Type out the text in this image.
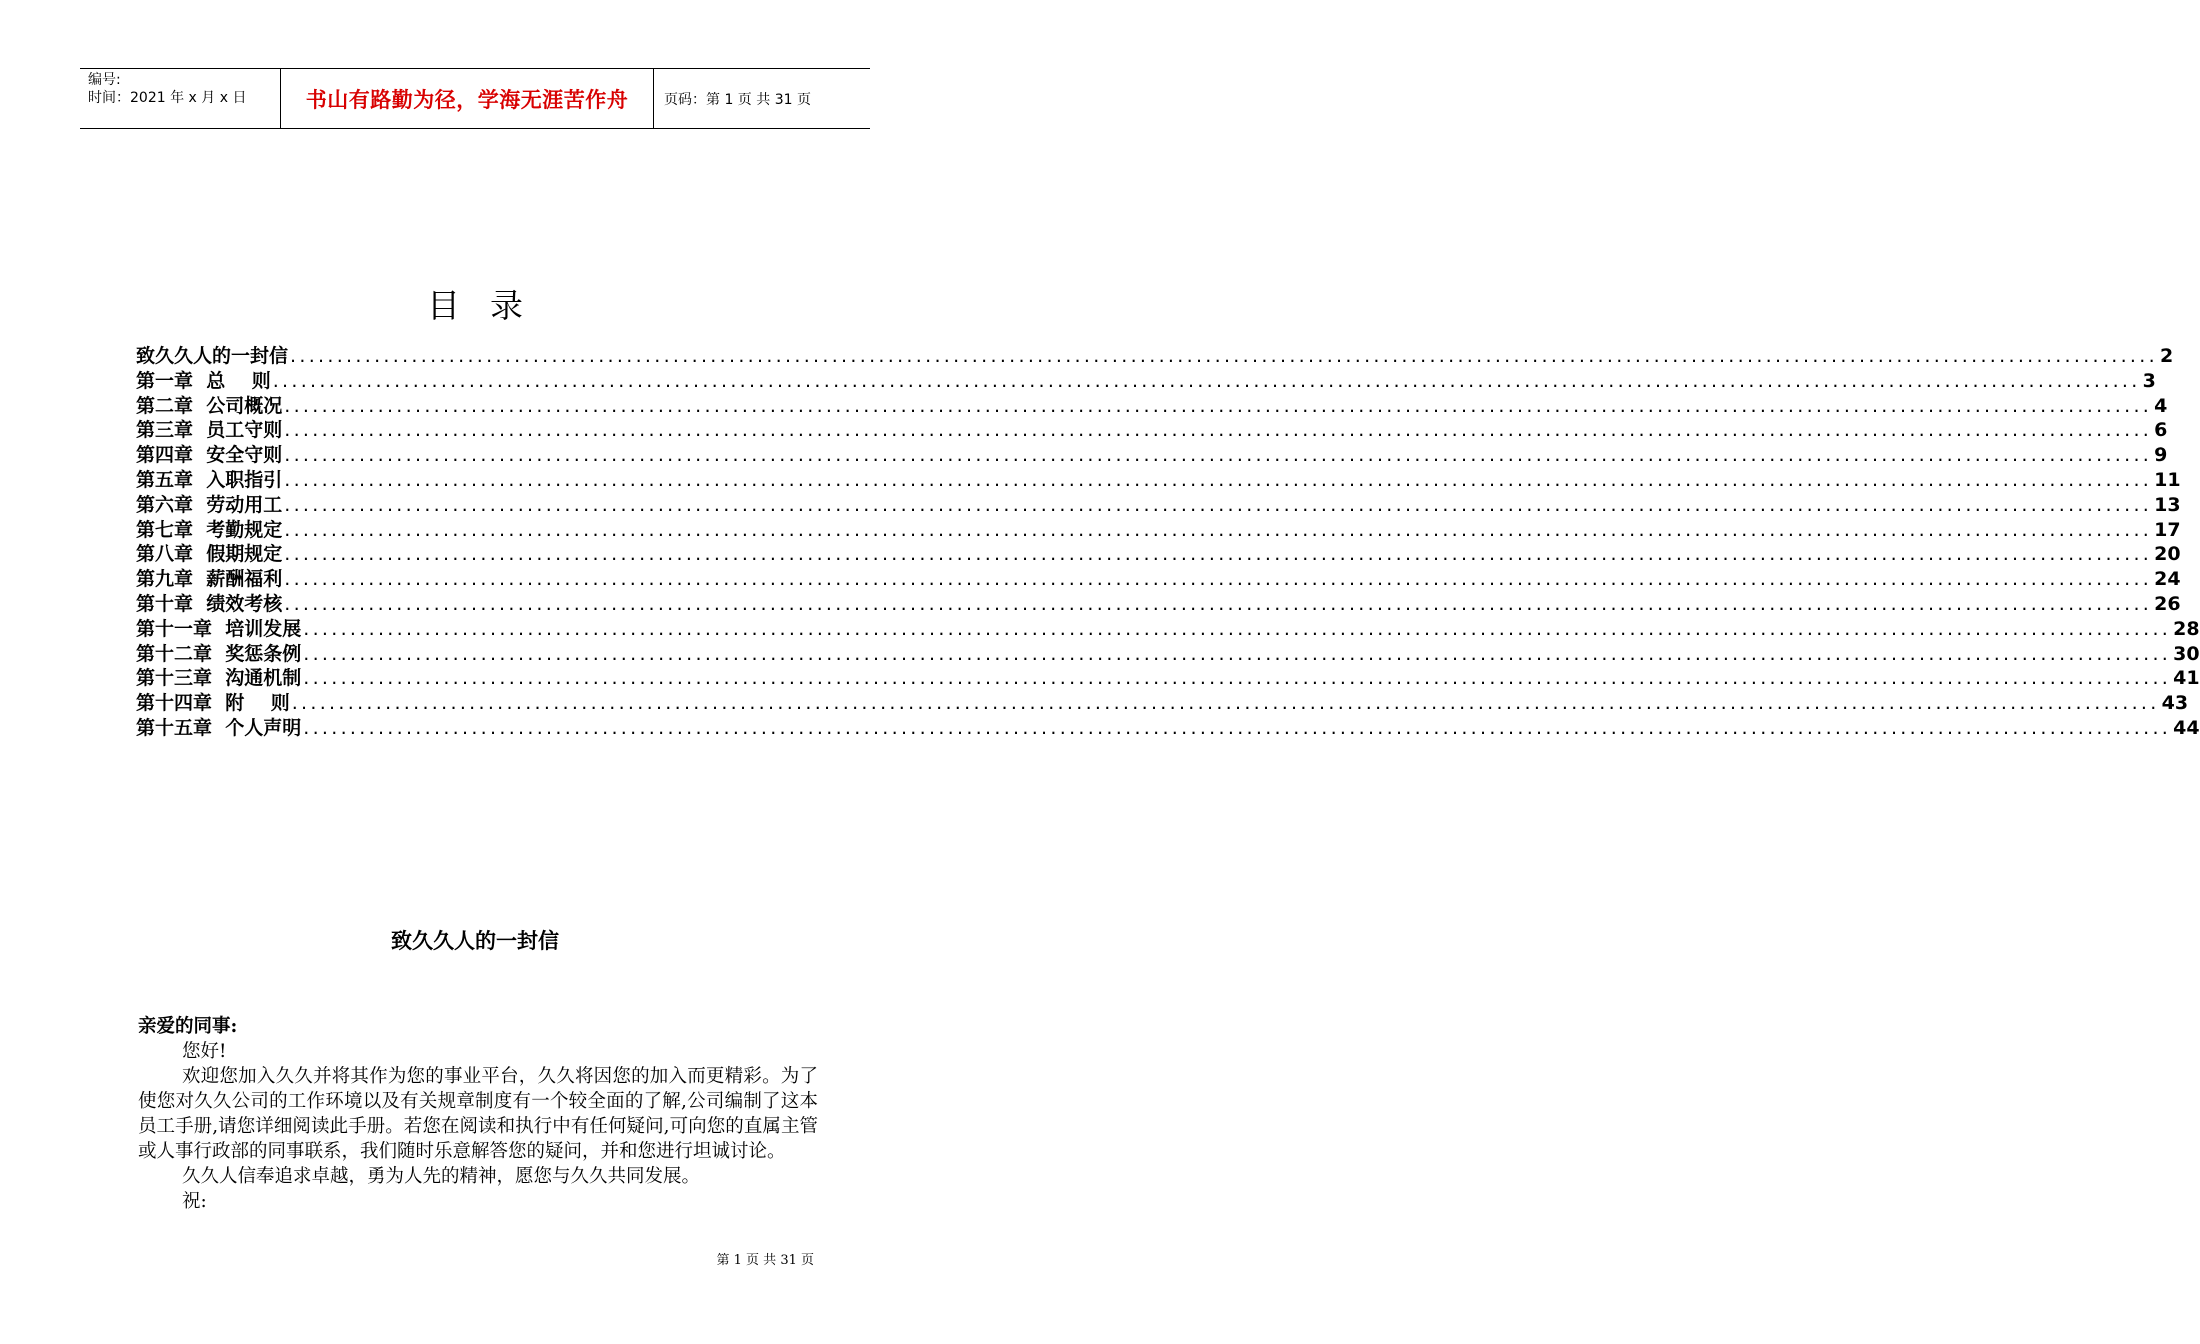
编号:
时间：2021 年 x 月 x 日	书山有路勤为径，学海无涯苦作舟	页码：第 1 页 共 31 页
目录
致久久人的一封信 ........................................................................................................................................................................................................ 2
第一章  总    则 ........................................................................................................................................................................................................ 3
第二章  公司概况 ........................................................................................................................................................................................................ 4
第三章  员工守则 ........................................................................................................................................................................................................ 6
第四章  安全守则 ........................................................................................................................................................................................................ 9
第五章  入职指引 ........................................................................................................................................................................................................ 11
第六章  劳动用工 ........................................................................................................................................................................................................ 13
第七章  考勤规定 ........................................................................................................................................................................................................ 17
第八章  假期规定 ........................................................................................................................................................................................................ 20
第九章  薪酬福利 ........................................................................................................................................................................................................ 24
第十章  绩效考核 ........................................................................................................................................................................................................ 26
第十一章  培训发展 ........................................................................................................................................................................................................ 28
第十二章  奖惩条例 ........................................................................................................................................................................................................ 30
第十三章  沟通机制 ........................................................................................................................................................................................................ 41
第十四章  附    则 ........................................................................................................................................................................................................ 43
第十五章  个人声明 ........................................................................................................................................................................................................ 44
致久久人的一封信
亲爱的同事:
您好!
欢迎您加入久久并将其作为您的事业平台，久久将因您的加入而更精彩。为了使您对久久公司的工作环境以及有关规章制度有一个较全面的了解,公司编制了这本员工手册,请您详细阅读此手册。若您在阅读和执行中有任何疑问,可向您的直属主管或人事行政部的同事联系，我们随时乐意解答您的疑问，并和您进行坦诚讨论。
久久人信奉追求卓越，勇为人先的精神，愿您与久久共同发展。
祝:
第 1 页 共 31 页
